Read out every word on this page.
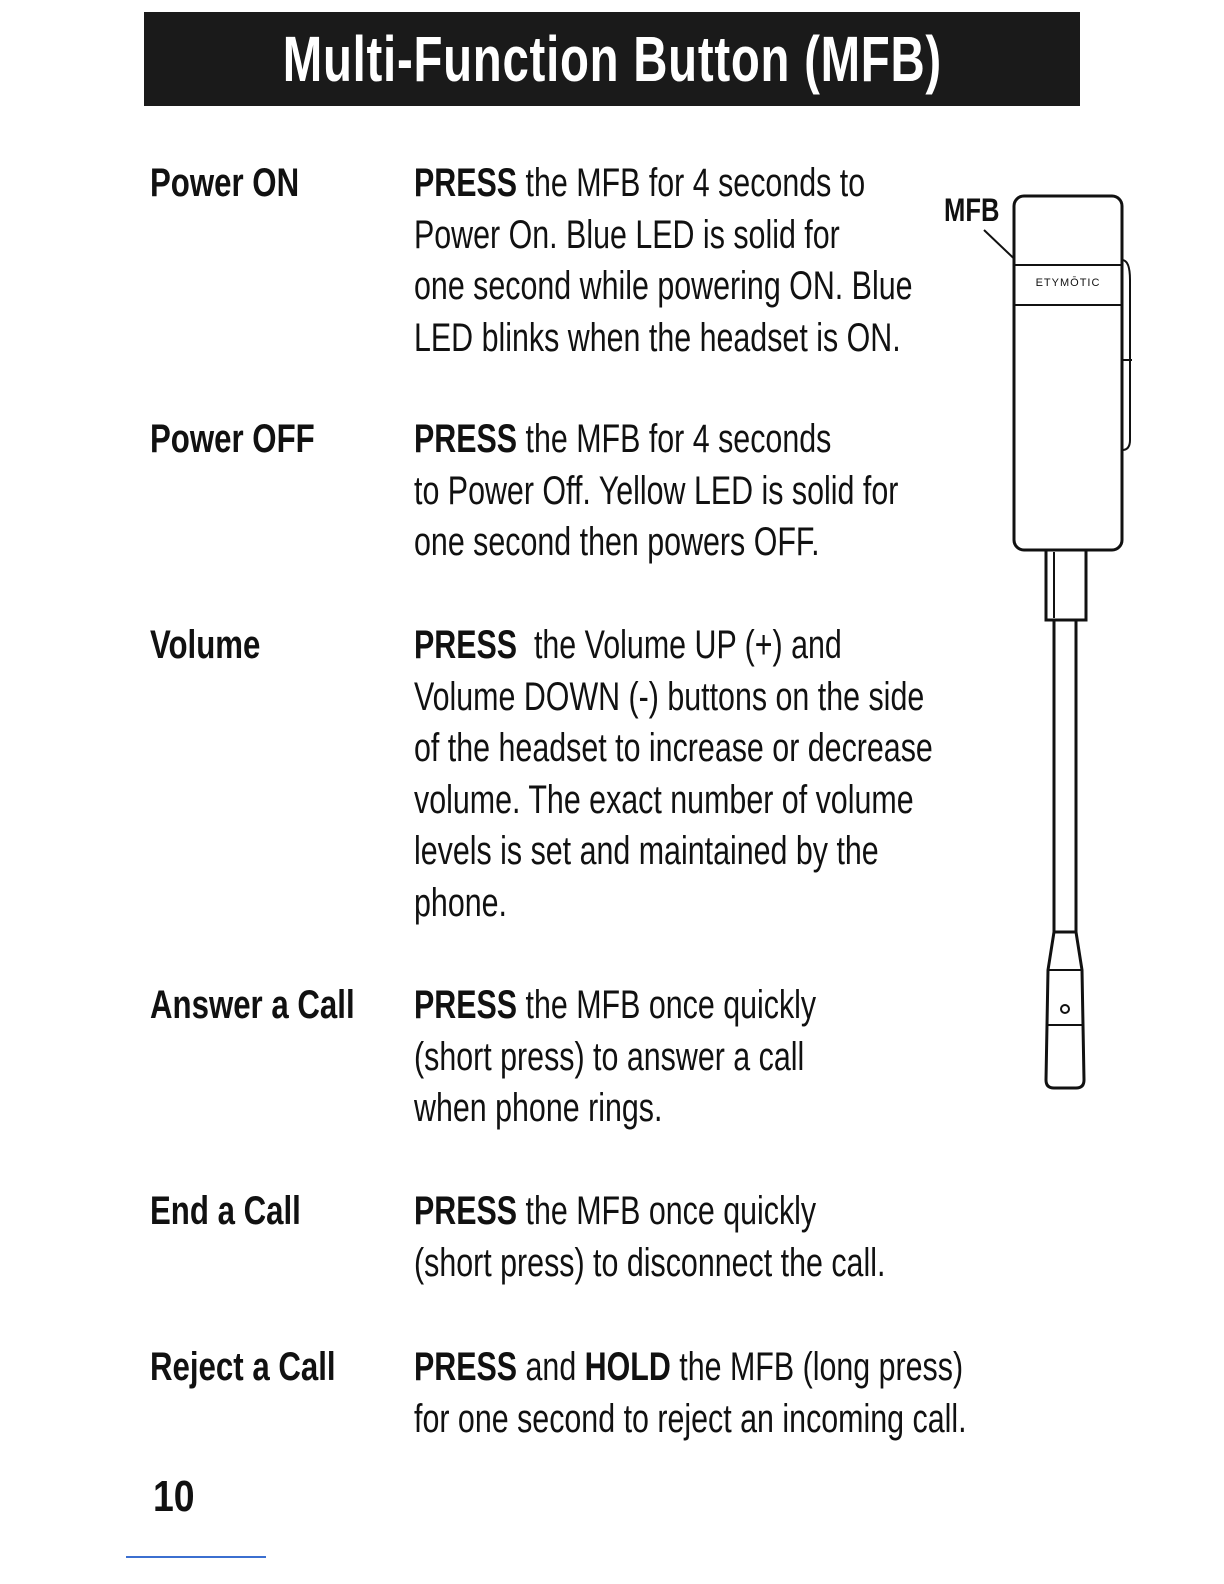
Multi-Function Button (MFB)
Power ON	PRESS the MFB for 4 seconds to
Power On. Blue LED is solid for
one second while powering ON. Blue
LED blinks when the headset is ON.
Power OFF PRESS the MFB for 4 seconds
to Power Off. Yellow LED is solid for
one second then powers OFF.
Volume	PRESS  the Volume UP (+) and
Volume DOWN (-) buttons on the side
of the headset to increase or decrease
volume. The exact number of volume
levels is set and maintained by the
phone.
Answer a Call PRESS the MFB once quickly
(short press) to answer a call
when phone rings.
End a Call	PRESS the MFB once quickly
(short press) to disconnect the call.
Reject a Call PRESS and HOLD the MFB (long press)
for one second to reject an incoming call.
ETYMŌTIC
MFB
10
